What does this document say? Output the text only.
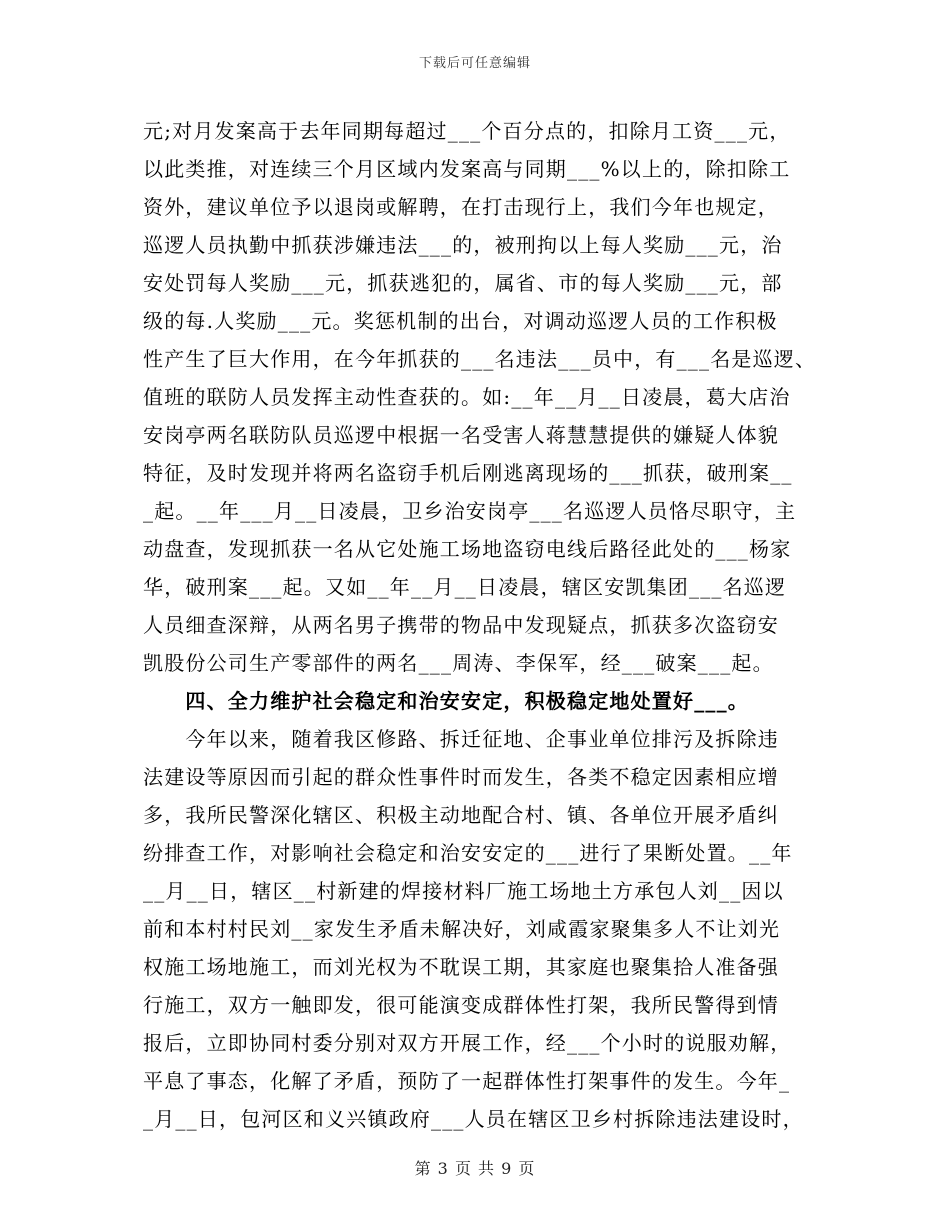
下载后可任意编辑
元;对月发案高于去年同期每超过___个百分点的，扣除月工资___元，
以此类推，对连续三个月区域内发案高与同期___%以上的，除扣除工
资外，建议单位予以退岗或解聘，在打击现行上，我们今年也规定，
巡逻人员执勤中抓获涉嫌违法___的，被刑拘以上每人奖励___元，治
安处罚每人奖励___元，抓获逃犯的，属省、市的每人奖励___元，部
级的每.人奖励___元。奖惩机制的出台，对调动巡逻人员的工作积极
性产生了巨大作用，在今年抓获的___名违法___员中，有___名是巡逻、
值班的联防人员发挥主动性查获的。如:__年__月__日凌晨，葛大店治
安岗亭两名联防队员巡逻中根据一名受害人蒋慧慧提供的嫌疑人体貌
特征，及时发现并将两名盗窃手机后刚逃离现场的___抓获，破刑案__
_起。__年___月__日凌晨，卫乡治安岗亭___名巡逻人员恪尽职守，主
动盘查，发现抓获一名从它处施工场地盗窃电线后路径此处的___杨家
华，破刑案___起。又如__年__月__日凌晨，辖区安凯集团___名巡逻
人员细查深辩，从两名男子携带的物品中发现疑点，抓获多次盗窃安
凯股份公司生产零部件的两名___周涛、李保军，经___破案___起。
　　四、全力维护社会稳定和治安安定，积极稳定地处置好___。
　　今年以来，随着我区修路、拆迁征地、企事业单位排污及拆除违
法建设等原因而引起的群众性事件时而发生，各类不稳定因素相应增
多，我所民警深化辖区、积极主动地配合村、镇、各单位开展矛盾纠
纷排查工作，对影响社会稳定和治安安定的___进行了果断处置。__年
__月__日，辖区__村新建的焊接材料厂施工场地土方承包人刘__因以
前和本村村民刘__家发生矛盾未解决好，刘咸霞家聚集多人不让刘光
权施工场地施工，而刘光权为不耽误工期，其家庭也聚集拾人准备强
行施工，双方一触即发，很可能演变成群体性打架，我所民警得到情
报后，立即协同村委分别对双方开展工作，经___个小时的说服劝解，
平息了事态，化解了矛盾，预防了一起群体性打架事件的发生。今年_
_月__日，包河区和义兴镇政府___人员在辖区卫乡村拆除违法建设时，
第 3 页 共 9 页
